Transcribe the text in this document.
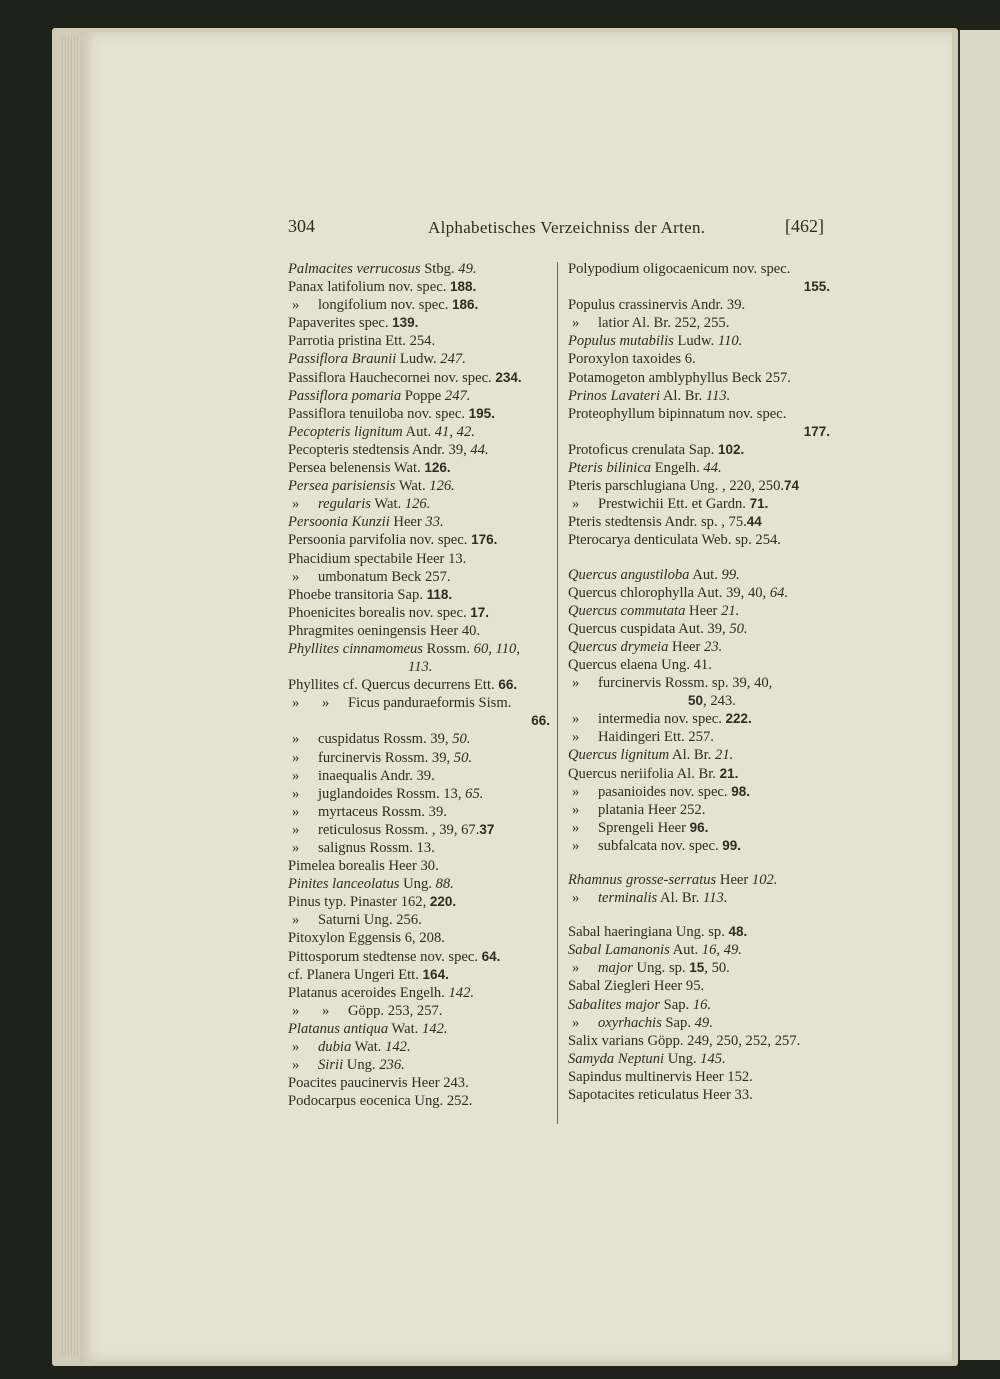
304	Alphabetisches Verzeichniss der Arten.	[462]
Palmacites verrucosus Stbg. 49.
Panax latifolium nov. spec. 188.
» longifolium nov. spec. 186.
Papaverites spec. 139.
Parrotia pristina Ett. 254.
Passiflora Braunii Ludw. 247.
Passiflora Hauchecornei nov. spec. 234.
Passiflora pomaria Poppe 247.
Passiflora tenuiloba nov. spec. 195.
Pecopteris lignitum Aut. 41, 42.
Pecopteris stedtensis Andr. 39, 44.
Persea belenensis Wat. 126.
Persea parisiensis Wat. 126.
» regularis Wat. 126.
Persoonia Kunzii Heer 33.
Persoonia parvifolia nov. spec. 176.
Phacidium spectabile Heer 13.
» umbonatum Beck 257.
Phoebe transitoria Sap. 118.
Phoenicites borealis nov. spec. 17.
Phragmites oeningensis Heer 40.
Phyllites cinnamomeus Rossm. 60, 110,
113.
Phyllites cf. Quercus decurrens Ett. 66.
» » Ficus panduraeformis Sism.
66.
» cuspidatus Rossm. 39, 50.
» furcinervis Rossm. 39, 50.
» inaequalis Andr. 39.
» juglandoides Rossm. 13, 65.
» myrtaceus Rossm. 39.
» reticulosus Rossm. , 39, 67.37
» salignus Rossm. 13.
Pimelea borealis Heer 30.
Pinites lanceolatus Ung. 88.
Pinus typ. Pinaster 162, 220.
» Saturni Ung. 256.
Pitoxylon Eggensis 6, 208.
Pittosporum stedtense nov. spec. 64.
cf. Planera Ungeri Ett. 164.
Platanus aceroides Engelh. 142.
» » Göpp. 253, 257.
Platanus antiqua Wat. 142.
» dubia Wat. 142.
» Sirii Ung. 236.
Poacites paucinervis Heer 243.
Podocarpus eocenica Ung. 252.
Polypodium oligocaenicum nov. spec.
155.
Populus crassinervis Andr. 39.
» latior Al. Br. 252, 255.
Populus mutabilis Ludw. 110.
Poroxylon taxoides 6.
Potamogeton amblyphyllus Beck 257.
Prinos Lavateri Al. Br. 113.
Proteophyllum bipinnatum nov. spec.
177.
Protoficus crenulata Sap. 102.
Pteris bilinica Engelh. 44.
Pteris parschlugiana Ung. , 220, 250.74
» Prestwichii Ett. et Gardn. 71.
Pteris stedtensis Andr. sp. , 75.44
Pterocarya denticulata Web. sp. 254.
Quercus angustiloba Aut. 99.
Quercus chlorophylla Aut. 39, 40, 64.
Quercus commutata Heer 21.
Quercus cuspidata Aut. 39, 50.
Quercus drymeia Heer 23.
Quercus elaena Ung. 41.
» furcinervis Rossm. sp. 39, 40,
50, 243.
» intermedia nov. spec. 222.
» Haidingeri Ett. 257.
Quercus lignitum Al. Br. 21.
Quercus neriifolia Al. Br. 21.
» pasanioides nov. spec. 98.
» platania Heer 252.
» Sprengeli Heer 96.
» subfalcata nov. spec. 99.
Rhamnus grosse-serratus Heer 102.
» terminalis Al. Br. 113.
Sabal haeringiana Ung. sp. 48.
Sabal Lamanonis Aut. 16, 49.
» major Ung. sp. 15, 50.
Sabal Ziegleri Heer 95.
Sabalites major Sap. 16.
» oxyrhachis Sap. 49.
Salix varians Göpp. 249, 250, 252, 257.
Samyda Neptuni Ung. 145.
Sapindus multinervis Heer 152.
Sapotacites reticulatus Heer 33.
